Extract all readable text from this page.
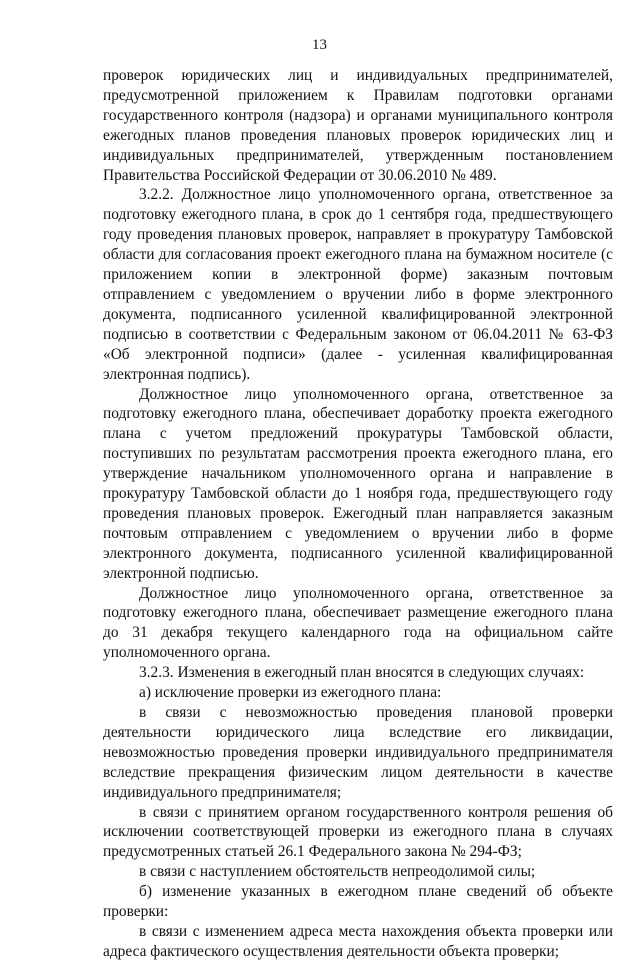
13

проверок юридических лиц и индивидуальных предпринимателей, предусмотренной приложением к Правилам подготовки органами государственного контроля (надзора) и органами муниципального контроля ежегодных планов проведения плановых проверок юридических лиц и индивидуальных предпринимателей, утвержденным постановлением Правительства Российской Федерации от 30.06.2010 № 489.

3.2.2. Должностное лицо уполномоченного органа, ответственное за подготовку ежегодного плана, в срок до 1 сентября года, предшествующего году проведения плановых проверок, направляет в прокуратуру Тамбовской области для согласования проект ежегодного плана на бумажном носителе (с приложением копии в электронной форме) заказным почтовым отправлением с уведомлением о вручении либо в форме электронного документа, подписанного усиленной квалифицированной электронной подписью в соответствии с Федеральным законом от 06.04.2011 № 63-ФЗ «Об электронной подписи» (далее - усиленная квалифицированная электронная подпись).

Должностное лицо уполномоченного органа, ответственное за подготовку ежегодного плана, обеспечивает доработку проекта ежегодного плана с учетом предложений прокуратуры Тамбовской области, поступивших по результатам рассмотрения проекта ежегодного плана, его утверждение начальником уполномоченного органа и направление в прокуратуру Тамбовской области до 1 ноября года, предшествующего году проведения плановых проверок. Ежегодный план направляется заказным почтовым отправлением с уведомлением о вручении либо в форме электронного документа, подписанного усиленной квалифицированной электронной подписью.

Должностное лицо уполномоченного органа, ответственное за подготовку ежегодного плана, обеспечивает размещение ежегодного плана до 31 декабря текущего календарного года на официальном сайте уполномоченного органа.

3.2.3. Изменения в ежегодный план вносятся в следующих случаях:

а) исключение проверки из ежегодного плана:

в связи с невозможностью проведения плановой проверки деятельности юридического лица вследствие его ликвидации, невозможностью проведения проверки индивидуального предпринимателя вследствие прекращения физическим лицом деятельности в качестве индивидуального предпринимателя;

в связи с принятием органом государственного контроля решения об исключении соответствующей проверки из ежегодного плана в случаях предусмотренных статьей 26.1 Федерального закона № 294-ФЗ;

в связи с наступлением обстоятельств непреодолимой силы;

б) изменение указанных в ежегодном плане сведений об объекте проверки:

в связи с изменением адреса места нахождения объекта проверки или адреса фактического осуществления деятельности объекта проверки;
